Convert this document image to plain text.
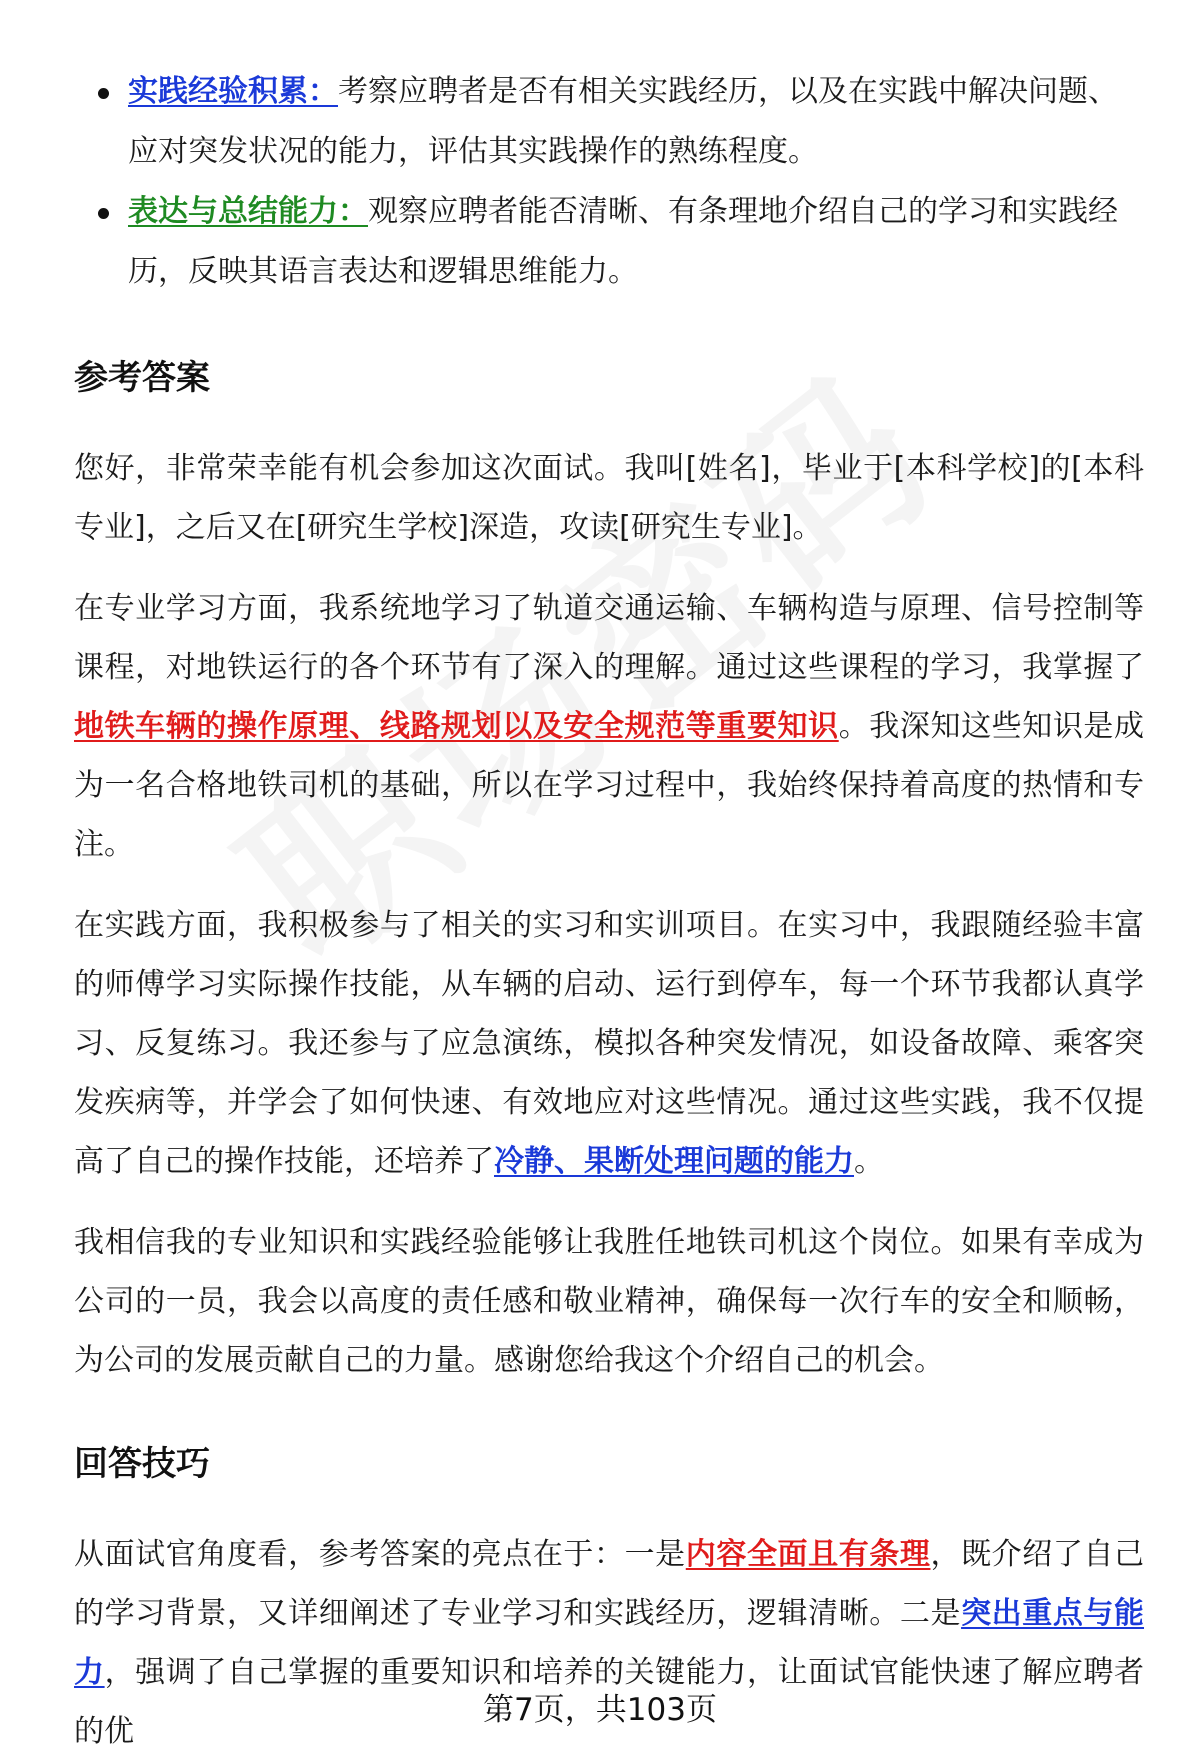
实践经验积累：考察应聘者是否有相关实践经历，以及在实践中解决问题、应对突发状况的能力，评估其实践操作的熟练程度。
表达与总结能力：观察应聘者能否清晰、有条理地介绍自己的学习和实践经历，反映其语言表达和逻辑思维能力。
参考答案

您好，非常荣幸能有机会参加这次面试。我叫[姓名]，毕业于[本科学校]的[本科专业]，之后又在[研究生学校]深造，攻读[研究生专业]。

在专业学习方面，我系统地学习了轨道交通运输、车辆构造与原理、信号控制等课程，对地铁运行的各个环节有了深入的理解。通过这些课程的学习，我掌握了地铁车辆的操作原理、线路规划以及安全规范等重要知识。我深知这些知识是成为一名合格地铁司机的基础，所以在学习过程中，我始终保持着高度的热情和专注。

在实践方面，我积极参与了相关的实习和实训项目。在实习中，我跟随经验丰富的师傅学习实际操作技能，从车辆的启动、运行到停车，每一个环节我都认真学习、反复练习。我还参与了应急演练，模拟各种突发情况，如设备故障、乘客突发疾病等，并学会了如何快速、有效地应对这些情况。通过这些实践，我不仅提高了自己的操作技能，还培养了冷静、果断处理问题的能力。

我相信我的专业知识和实践经验能够让我胜任地铁司机这个岗位。如果有幸成为公司的一员，我会以高度的责任感和敬业精神，确保每一次行车的安全和顺畅，为公司的发展贡献自己的力量。感谢您给我这个介绍自己的机会。

回答技巧

从面试官角度看，参考答案的亮点在于：一是内容全面且有条理，既介绍了自己的学习背景，又详细阐述了专业学习和实践经历，逻辑清晰。二是突出重点与能力，强调了自己掌握的重要知识和培养的关键能力，让面试官能快速了解应聘者的优

第7页，共103页
